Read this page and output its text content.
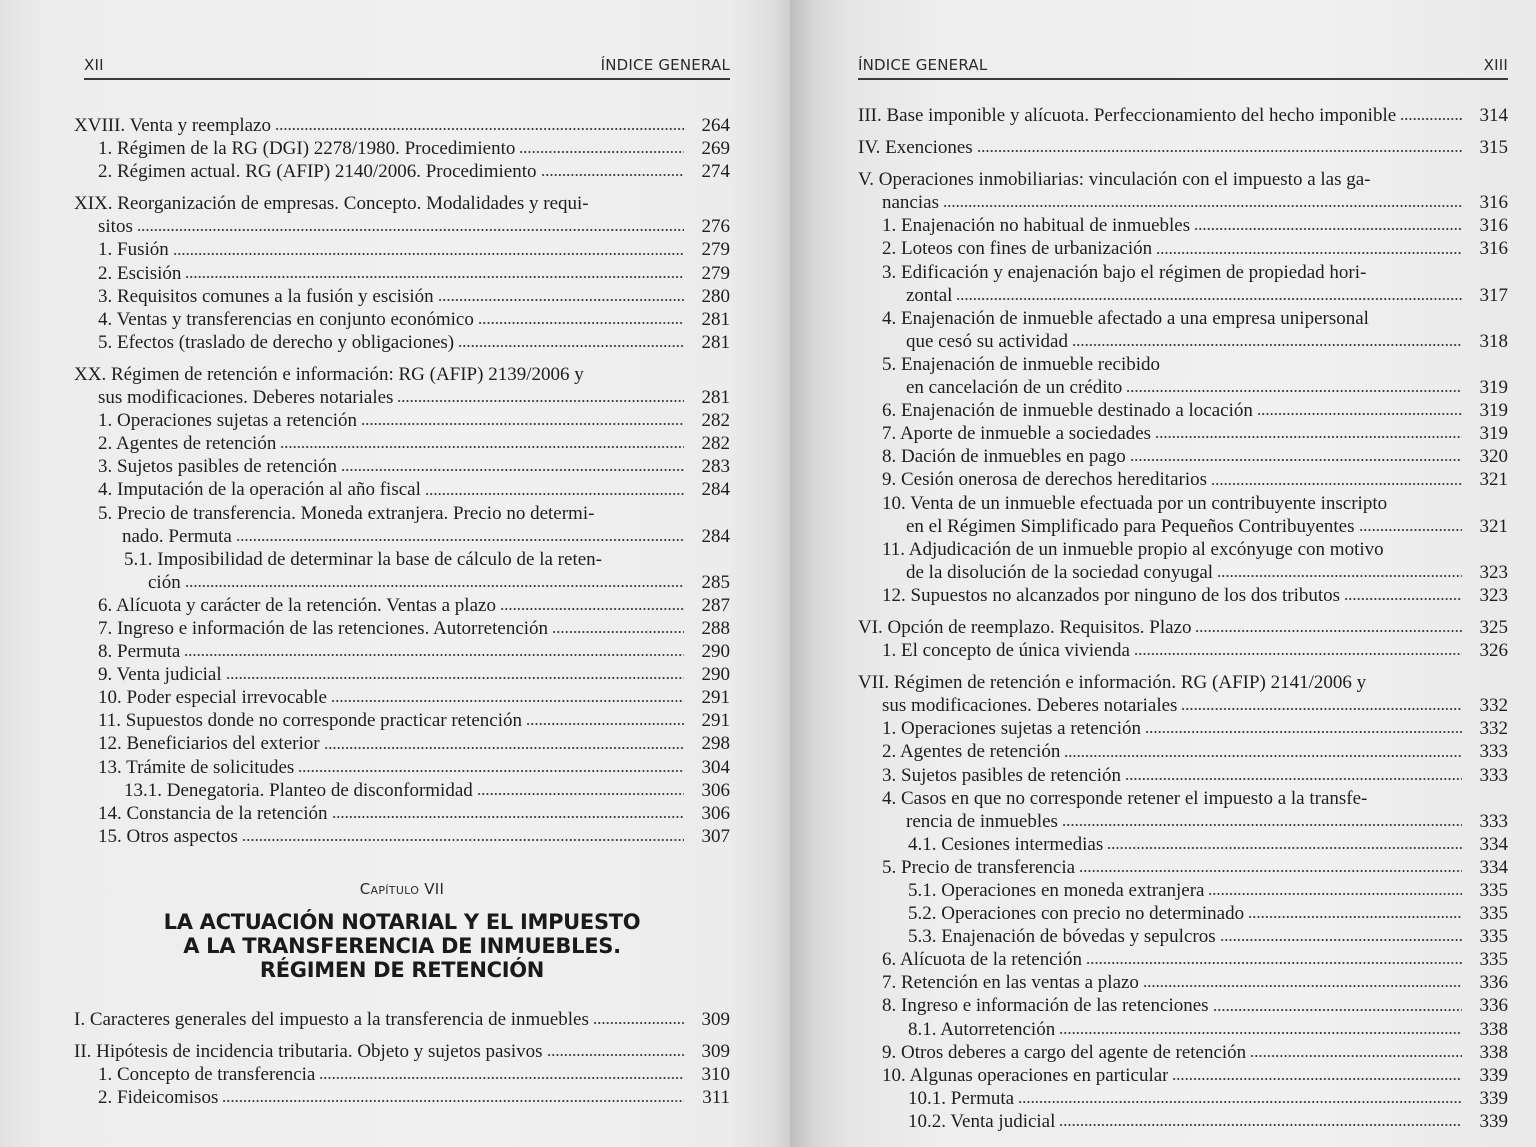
XII	ÍNDICE GENERAL
XVIII. Venta y reemplazo	264
1. Régimen de la RG (DGI) 2278/1980. Procedimiento	269
2. Régimen actual. RG (AFIP) 2140/2006. Procedimiento	274
XIX. Reorganización de empresas. Concepto. Modalidades y requi-
sitos	276
1. Fusión	279
2. Escisión	279
3. Requisitos comunes a la fusión y escisión	280
4. Ventas y transferencias en conjunto económico	281
5. Efectos (traslado de derecho y obligaciones)	281
XX. Régimen de retención e información: RG (AFIP) 2139/2006 y
sus modificaciones. Deberes notariales	281
1. Operaciones sujetas a retención	282
2. Agentes de retención	282
3. Sujetos pasibles de retención	283
4. Imputación de la operación al año fiscal	284
5. Precio de transferencia. Moneda extranjera. Precio no determi-
nado. Permuta	284
5.1. Imposibilidad de determinar la base de cálculo de la reten-
ción	285
6. Alícuota y carácter de la retención. Ventas a plazo	287
7. Ingreso e información de las retenciones. Autorretención	288
8. Permuta	290
9. Venta judicial	290
10. Poder especial irrevocable	291
11. Supuestos donde no corresponde practicar retención	291
12. Beneficiarios del exterior	298
13. Trámite de solicitudes	304
13.1. Denegatoria. Planteo de disconformidad	306
14. Constancia de la retención	306
15. Otros aspectos	307
Capítulo VII
LA ACTUACIÓN NOTARIAL Y EL IMPUESTO
A LA TRANSFERENCIA DE INMUEBLES.
RÉGIMEN DE RETENCIÓN
I. Caracteres generales del impuesto a la transferencia de inmuebles	309
II. Hipótesis de incidencia tributaria. Objeto y sujetos pasivos	309
1. Concepto de transferencia	310
2. Fideicomisos	311
ÍNDICE GENERAL	XIII
III. Base imponible y alícuota. Perfeccionamiento del hecho imponible	314
IV. Exenciones	315
V. Operaciones inmobiliarias: vinculación con el impuesto a las ga-
nancias	316
1. Enajenación no habitual de inmuebles	316
2. Loteos con fines de urbanización	316
3. Edificación y enajenación bajo el régimen de propiedad hori-
zontal	317
4. Enajenación de inmueble afectado a una empresa unipersonal
que cesó su actividad	318
5. Enajenación de inmueble recibido
en cancelación de un crédito	319
6. Enajenación de inmueble destinado a locación	319
7. Aporte de inmueble a sociedades	319
8. Dación de inmuebles en pago	320
9. Cesión onerosa de derechos hereditarios	321
10. Venta de un inmueble efectuada por un contribuyente inscripto
en el Régimen Simplificado para Pequeños Contribuyentes	321
11. Adjudicación de un inmueble propio al excónyuge con motivo
de la disolución de la sociedad conyugal	323
12. Supuestos no alcanzados por ninguno de los dos tributos	323
VI. Opción de reemplazo. Requisitos. Plazo	325
1. El concepto de única vivienda	326
VII. Régimen de retención e información. RG (AFIP) 2141/2006 y
sus modificaciones. Deberes notariales	332
1. Operaciones sujetas a retención	332
2. Agentes de retención	333
3. Sujetos pasibles de retención	333
4. Casos en que no corresponde retener el impuesto a la transfe-
rencia de inmuebles	333
4.1. Cesiones intermedias	334
5. Precio de transferencia	334
5.1. Operaciones en moneda extranjera	335
5.2. Operaciones con precio no determinado	335
5.3. Enajenación de bóvedas y sepulcros	335
6. Alícuota de la retención	335
7. Retención en las ventas a plazo	336
8. Ingreso e información de las retenciones	336
8.1. Autorretención	338
9. Otros deberes a cargo del agente de retención	338
10. Algunas operaciones en particular	339
10.1. Permuta	339
10.2. Venta judicial	339
